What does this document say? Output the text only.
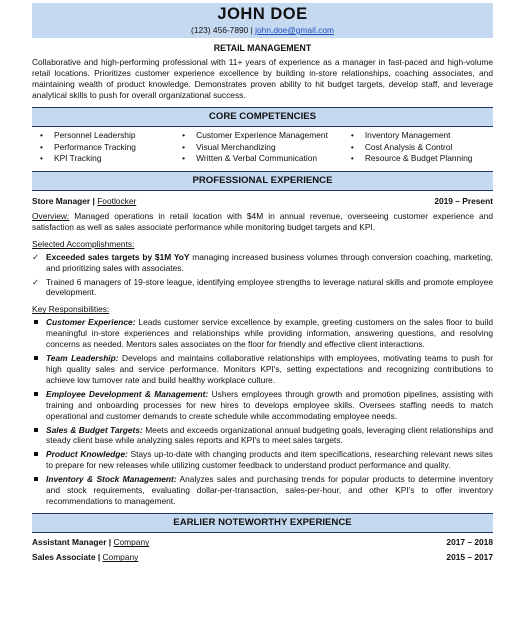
JOHN DOE
(123) 456-7890 | john.doe@gmail.com
RETAIL MANAGEMENT

Collaborative and high-performing professional with 11+ years of experience as a manager in fast-paced and high-volume retail locations. Prioritizes customer experience excellence by building in-store relationships, coaching associates, and maintaining wealth of product knowledge. Demonstrates proven ability to hit budget targets, develop staff, and leverage analytical skills to push for overall organizational success.

CORE COMPETENCIES
• Personnel Leadership
• Performance Tracking
• KPI Tracking
• Customer Experience Management
• Visual Merchandizing
• Written & Verbal Communication
• Inventory Management
• Cost Analysis & Control
• Resource & Budget Planning
PROFESSIONAL EXPERIENCE
Store Manager | Footlocker	2019 – Present

Overview: Managed operations in retail location with $4M in annual revenue, overseeing customer experience and satisfaction as well as sales associate performance while monitoring budget targets and KPI.

Selected Accomplishments:
✓ Exceeded sales targets by $1M YoY managing increased business volumes through conversion coaching, marketing, and prioritizing sales with associates.
✓ Trained 6 managers of 19-store league, identifying employee strengths to leverage natural skills and promote employee development.
Key Responsibilities:
Customer Experience: Leads customer service excellence by example, greeting customers on the sales floor to build meaningful in-store experiences and relationships while providing information, answering questions, and resolving concerns as needed. Mentors sales associates on the floor for friendly and effective client interactions.
Team Leadership: Develops and maintains collaborative relationships with employees, motivating teams to push for high quality sales and service performance. Monitors KPI's, setting expectations and recognizing contributions to achieve low turnover rate and build healthy workplace culture.
Employee Development & Management: Ushers employees through growth and promotion pipelines, assisting with training and onboarding processes for new hires to develops employee skills. Oversees staffing needs to match operational and customer demands to create schedule while accommodating employee needs.
Sales & Budget Targets: Meets and exceeds organizational annual budgeting goals, leveraging client relationships and steady client base while analyzing sales reports and KPI's to meet sales targets.
Product Knowledge: Stays up-to-date with changing products and item specifications, researching relevant news sites to prepare for new releases while utilizing customer feedback to understand product performance and quality.
Inventory & Stock Management: Analyzes sales and purchasing trends for popular products to determine inventory and stock requirements, evaluating dollar-per-transaction, sales-per-hour, and other KPI's to offer inventory recommendations to management.
EARLIER NOTEWORTHY EXPERIENCE
Assistant Manager | Company	2017 – 2018
Sales Associate | Company	2015 – 2017
